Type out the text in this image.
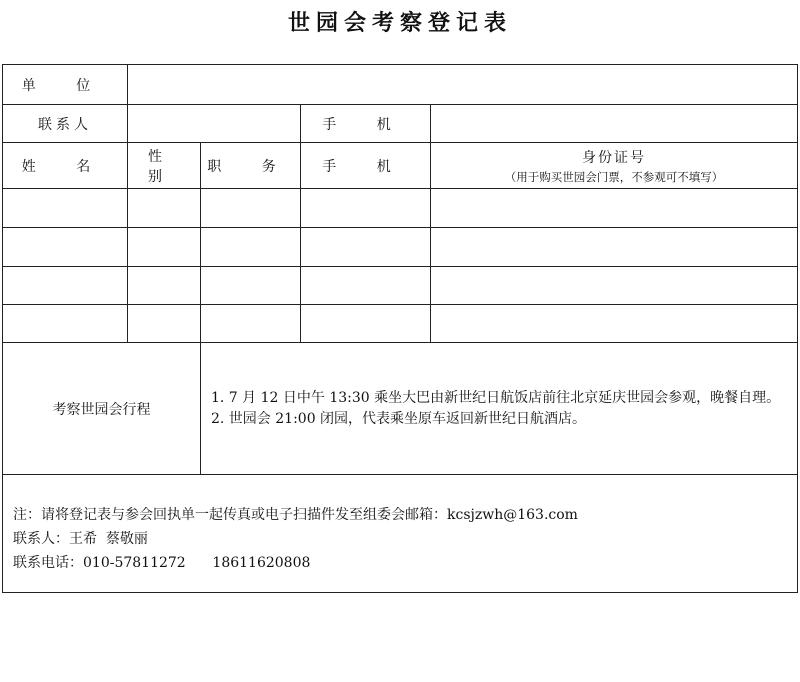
世园会考察登记表
单 位				
联系人			手 机	
姓 名	性 别	职 务	手 机	身份证号
（用于购买世园会门票，不参观可不填写）

考察世园会行程		1. 7 月 12 日中午 13:30 乘坐大巴由新世纪日航饭店前往北京延庆世园会参观，晚餐自理。

2. 世园会 21:00 闭园，代表乘坐原车返回新世纪日航酒店。		

注：请将登记表与参会回执单一起传真或电子扫描件发至组委会邮箱：kcsjzwh@163.com
联系人：王希  蔡敬丽
联系电话：010-57811272      18611620808				
